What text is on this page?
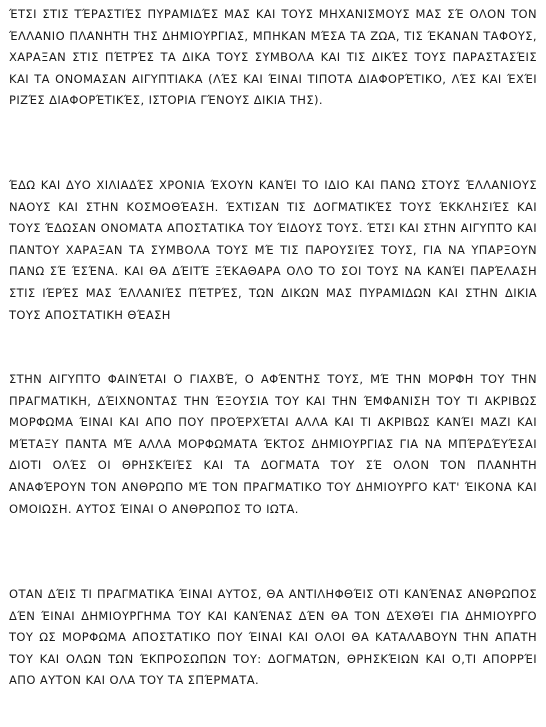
ΈΤΣΙ ΣΤΙΣ ΤΈΡΑΣΤΙΈΣ ΠΥΡΑΜΙΔΈΣ ΜΑΣ ΚΑΙ ΤΟΥΣ ΜΗΧΑΝΙΣΜΟΥΣ ΜΑΣ ΣΈ ΟΛΟΝ ΤΟΝ ΈΛΛΑΝΙΟ ΠΛΑΝΗΤΗ ΤΗΣ ΔΗΜΙΟΥΡΓΙΑΣ, ΜΠΗΚΑΝ ΜΈΣΑ ΤΑ ΖΩΑ, ΤΙΣ ΈΚΑΝΑΝ ΤΑΦΟΥΣ, ΧΑΡΑΞΑΝ ΣΤΙΣ ΠΈΤΡΈΣ ΤΑ ΔΙΚΑ ΤΟΥΣ ΣΥΜΒΟΛΑ ΚΑΙ ΤΙΣ ΔΙΚΈΣ ΤΟΥΣ ΠΑΡΑΣΤΑΣΈΙΣ ΚΑΙ ΤΑ ΟΝΟΜΑΣΑΝ ΑΙΓΥΠΤΙΑΚΑ (ΛΈΣ ΚΑΙ ΈΙΝΑΙ ΤΙΠΟΤΑ ΔΙΑΦΟΡΈΤΙΚΟ, ΛΈΣ ΚΑΙ ΈΧΈΙ ΡΙΖΈΣ ΔΙΑΦΟΡΈΤΙΚΈΣ, ΙΣΤΟΡΙΑ ΓΈΝΟΥΣ ΔΙΚΙΑ ΤΗΣ).

ΈΔΩ ΚΑΙ ΔΥΟ ΧΙΛΙΑΔΈΣ ΧΡΟΝΙΑ ΈΧΟΥΝ ΚΑΝΈΙ ΤΟ ΙΔΙΟ ΚΑΙ ΠΑΝΩ ΣΤΟΥΣ ΈΛΛΑΝΙΟΥΣ ΝΑΟΥΣ ΚΑΙ ΣΤΗΝ ΚΟΣΜΟΘΈΑΣΗ. ΈΧΤΙΣΑΝ ΤΙΣ ΔΟΓΜΑΤΙΚΈΣ ΤΟΥΣ ΈΚΚΛΗΣΙΈΣ ΚΑΙ ΤΟΥΣ ΈΔΩΣΑΝ ΟΝΟΜΑΤΑ ΑΠΟΣΤΑΤΙΚΑ ΤΟΥ ΈΙΔΟΥΣ ΤΟΥΣ. ΈΤΣΙ ΚΑΙ ΣΤΗΝ ΑΙΓΥΠΤΟ ΚΑΙ ΠΑΝΤΟΥ ΧΑΡΑΞΑΝ ΤΑ ΣΥΜΒΟΛΑ ΤΟΥΣ ΜΈ ΤΙΣ ΠΑΡΟΥΣΙΈΣ ΤΟΥΣ, ΓΙΑ ΝΑ ΥΠΑΡΞΟΥΝ ΠΑΝΩ ΣΈ ΈΣΈΝΑ. ΚΑΙ ΘΑ ΔΈΙΤΈ ΞΈΚΑΘΑΡΑ ΟΛΟ ΤΟ ΣΟΙ ΤΟΥΣ ΝΑ ΚΑΝΈΙ ΠΑΡΈΛΑΣΗ ΣΤΙΣ ΙΈΡΈΣ ΜΑΣ ΈΛΛΑΝΙΈΣ ΠΈΤΡΈΣ, ΤΩΝ ΔΙΚΩΝ ΜΑΣ ΠΥΡΑΜΙΔΩΝ ΚΑΙ ΣΤΗΝ ΔΙΚΙΑ ΤΟΥΣ ΑΠΟΣΤΑΤΙΚΗ ΘΈΑΣΗ

ΣΤΗΝ ΑΙΓΥΠΤΟ ΦΑΙΝΈΤΑΙ Ο ΓΙΑΧΒΈ, Ο ΑΦΈΝΤΗΣ ΤΟΥΣ, ΜΈ ΤΗΝ ΜΟΡΦΗ ΤΟΥ ΤΗΝ ΠΡΑΓΜΑΤΙΚΗ, ΔΈΙΧΝΟΝΤΑΣ ΤΗΝ ΈΞΟΥΣΙΑ ΤΟΥ ΚΑΙ ΤΗΝ ΈΜΦΑΝΙΣΗ ΤΟΥ ΤΙ ΑΚΡΙΒΩΣ ΜΟΡΦΩΜΑ ΈΙΝΑΙ ΚΑΙ ΑΠΟ ΠΟΥ ΠΡΟΈΡΧΈΤΑΙ ΑΛΛΑ ΚΑΙ ΤΙ ΑΚΡΙΒΩΣ ΚΑΝΈΙ ΜΑΖΙ ΚΑΙ ΜΈΤΑΞΥ ΠΑΝΤΑ ΜΈ ΑΛΛΑ ΜΟΡΦΩΜΑΤΑ ΈΚΤΟΣ ΔΗΜΙΟΥΡΓΙΑΣ ΓΙΑ ΝΑ ΜΠΈΡΔΈΥΈΣΑΙ ΔΙΟΤΙ ΟΛΈΣ ΟΙ ΘΡΗΣΚΈΙΈΣ ΚΑΙ ΤΑ ΔΟΓΜΑΤΑ ΤΟΥ ΣΈ ΟΛΟΝ ΤΟΝ ΠΛΑΝΗΤΗ ΑΝΑΦΈΡΟΥΝ ΤΟΝ ΑΝΘΡΩΠΟ ΜΈ ΤΟΝ ΠΡΑΓΜΑΤΙΚΟ ΤΟΥ ΔΗΜΙΟΥΡΓΟ ΚΑΤ' ΈΙΚΟΝΑ ΚΑΙ ΟΜΟΙΩΣΗ. ΑΥΤΟΣ ΈΙΝΑΙ Ο ΑΝΘΡΩΠΟΣ ΤΟ ΙΩΤΑ.

ΟΤΑΝ ΔΈΙΣ ΤΙ ΠΡΑΓΜΑΤΙΚΑ ΈΙΝΑΙ ΑΥΤΟΣ, ΘΑ ΑΝΤΙΛΗΦΘΈΙΣ ΟΤΙ ΚΑΝΈΝΑΣ ΑΝΘΡΩΠΟΣ ΔΈΝ ΈΙΝΑΙ ΔΗΜΙΟΥΡΓΗΜΑ ΤΟΥ ΚΑΙ ΚΑΝΈΝΑΣ ΔΈΝ ΘΑ ΤΟΝ ΔΈΧΘΈΙ ΓΙΑ ΔΗΜΙΟΥΡΓΟ ΤΟΥ ΩΣ ΜΟΡΦΩΜΑ ΑΠΟΣΤΑΤΙΚΟ ΠΟΥ ΈΙΝΑΙ ΚΑΙ ΟΛΟΙ ΘΑ ΚΑΤΑΛΑΒΟΥΝ ΤΗΝ ΑΠΑΤΗ ΤΟΥ ΚΑΙ ΟΛΩΝ ΤΩΝ ΈΚΠΡΟΣΩΠΩΝ ΤΟΥ: ΔΟΓΜΑΤΩΝ, ΘΡΗΣΚΈΙΩΝ ΚΑΙ Ο,ΤΙ ΑΠΟΡΡΈΙ ΑΠΟ ΑΥΤΟΝ ΚΑΙ ΟΛΑ ΤΟΥ ΤΑ ΣΠΈΡΜΑΤΑ.
